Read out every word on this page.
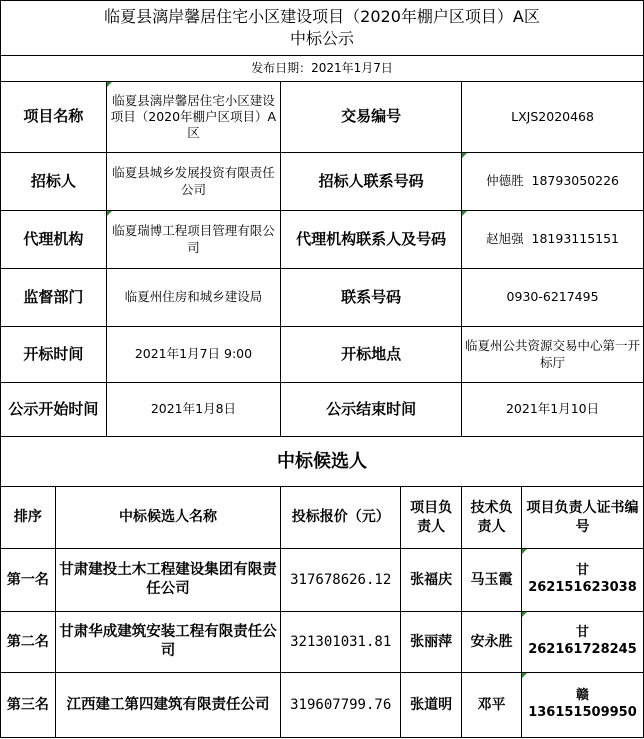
临夏县漓岸馨居住宅小区建设项目（2020年棚户区项目）A区
中标公示						

发布日期：2021年1月7日						
项目名称		临夏县漓岸馨居住宅小区建设项目（2020年棚户区项目）A区	交易编号		LXJS2020468	
招标人		临夏县城乡发展投资有限责任公司	招标人联系号码		仲德胜  18793050226	
代理机构		临夏瑞博工程项目管理有限公司	代理机构联系人及号码		赵旭强  18193115151	
监督部门		临夏州住房和城乡建设局	联系号码		0930-6217495	
开标时间		2021年1月7日 9:00	开标地点		临夏州公共资源交易中心第一开标厅	
公示开始时间		2021年1月8日	公示结束时间		2021年1月10日	
中标候选人						
排序	中标候选人名称		投标报价（元）	项目负责人	技术负责人	项目负责人证书编号
第一名	甘肃建投土木工程建设集团有限责任公司		317678626.12	张福庆	马玉霞	甘262151623038
第二名	甘肃华成建筑安装工程有限责任公司		321301031.81	张丽萍	安永胜	甘262161728245
第三名	江西建工第四建筑有限责任公司		319607799.76	张道明	邓平	赣136151509950
